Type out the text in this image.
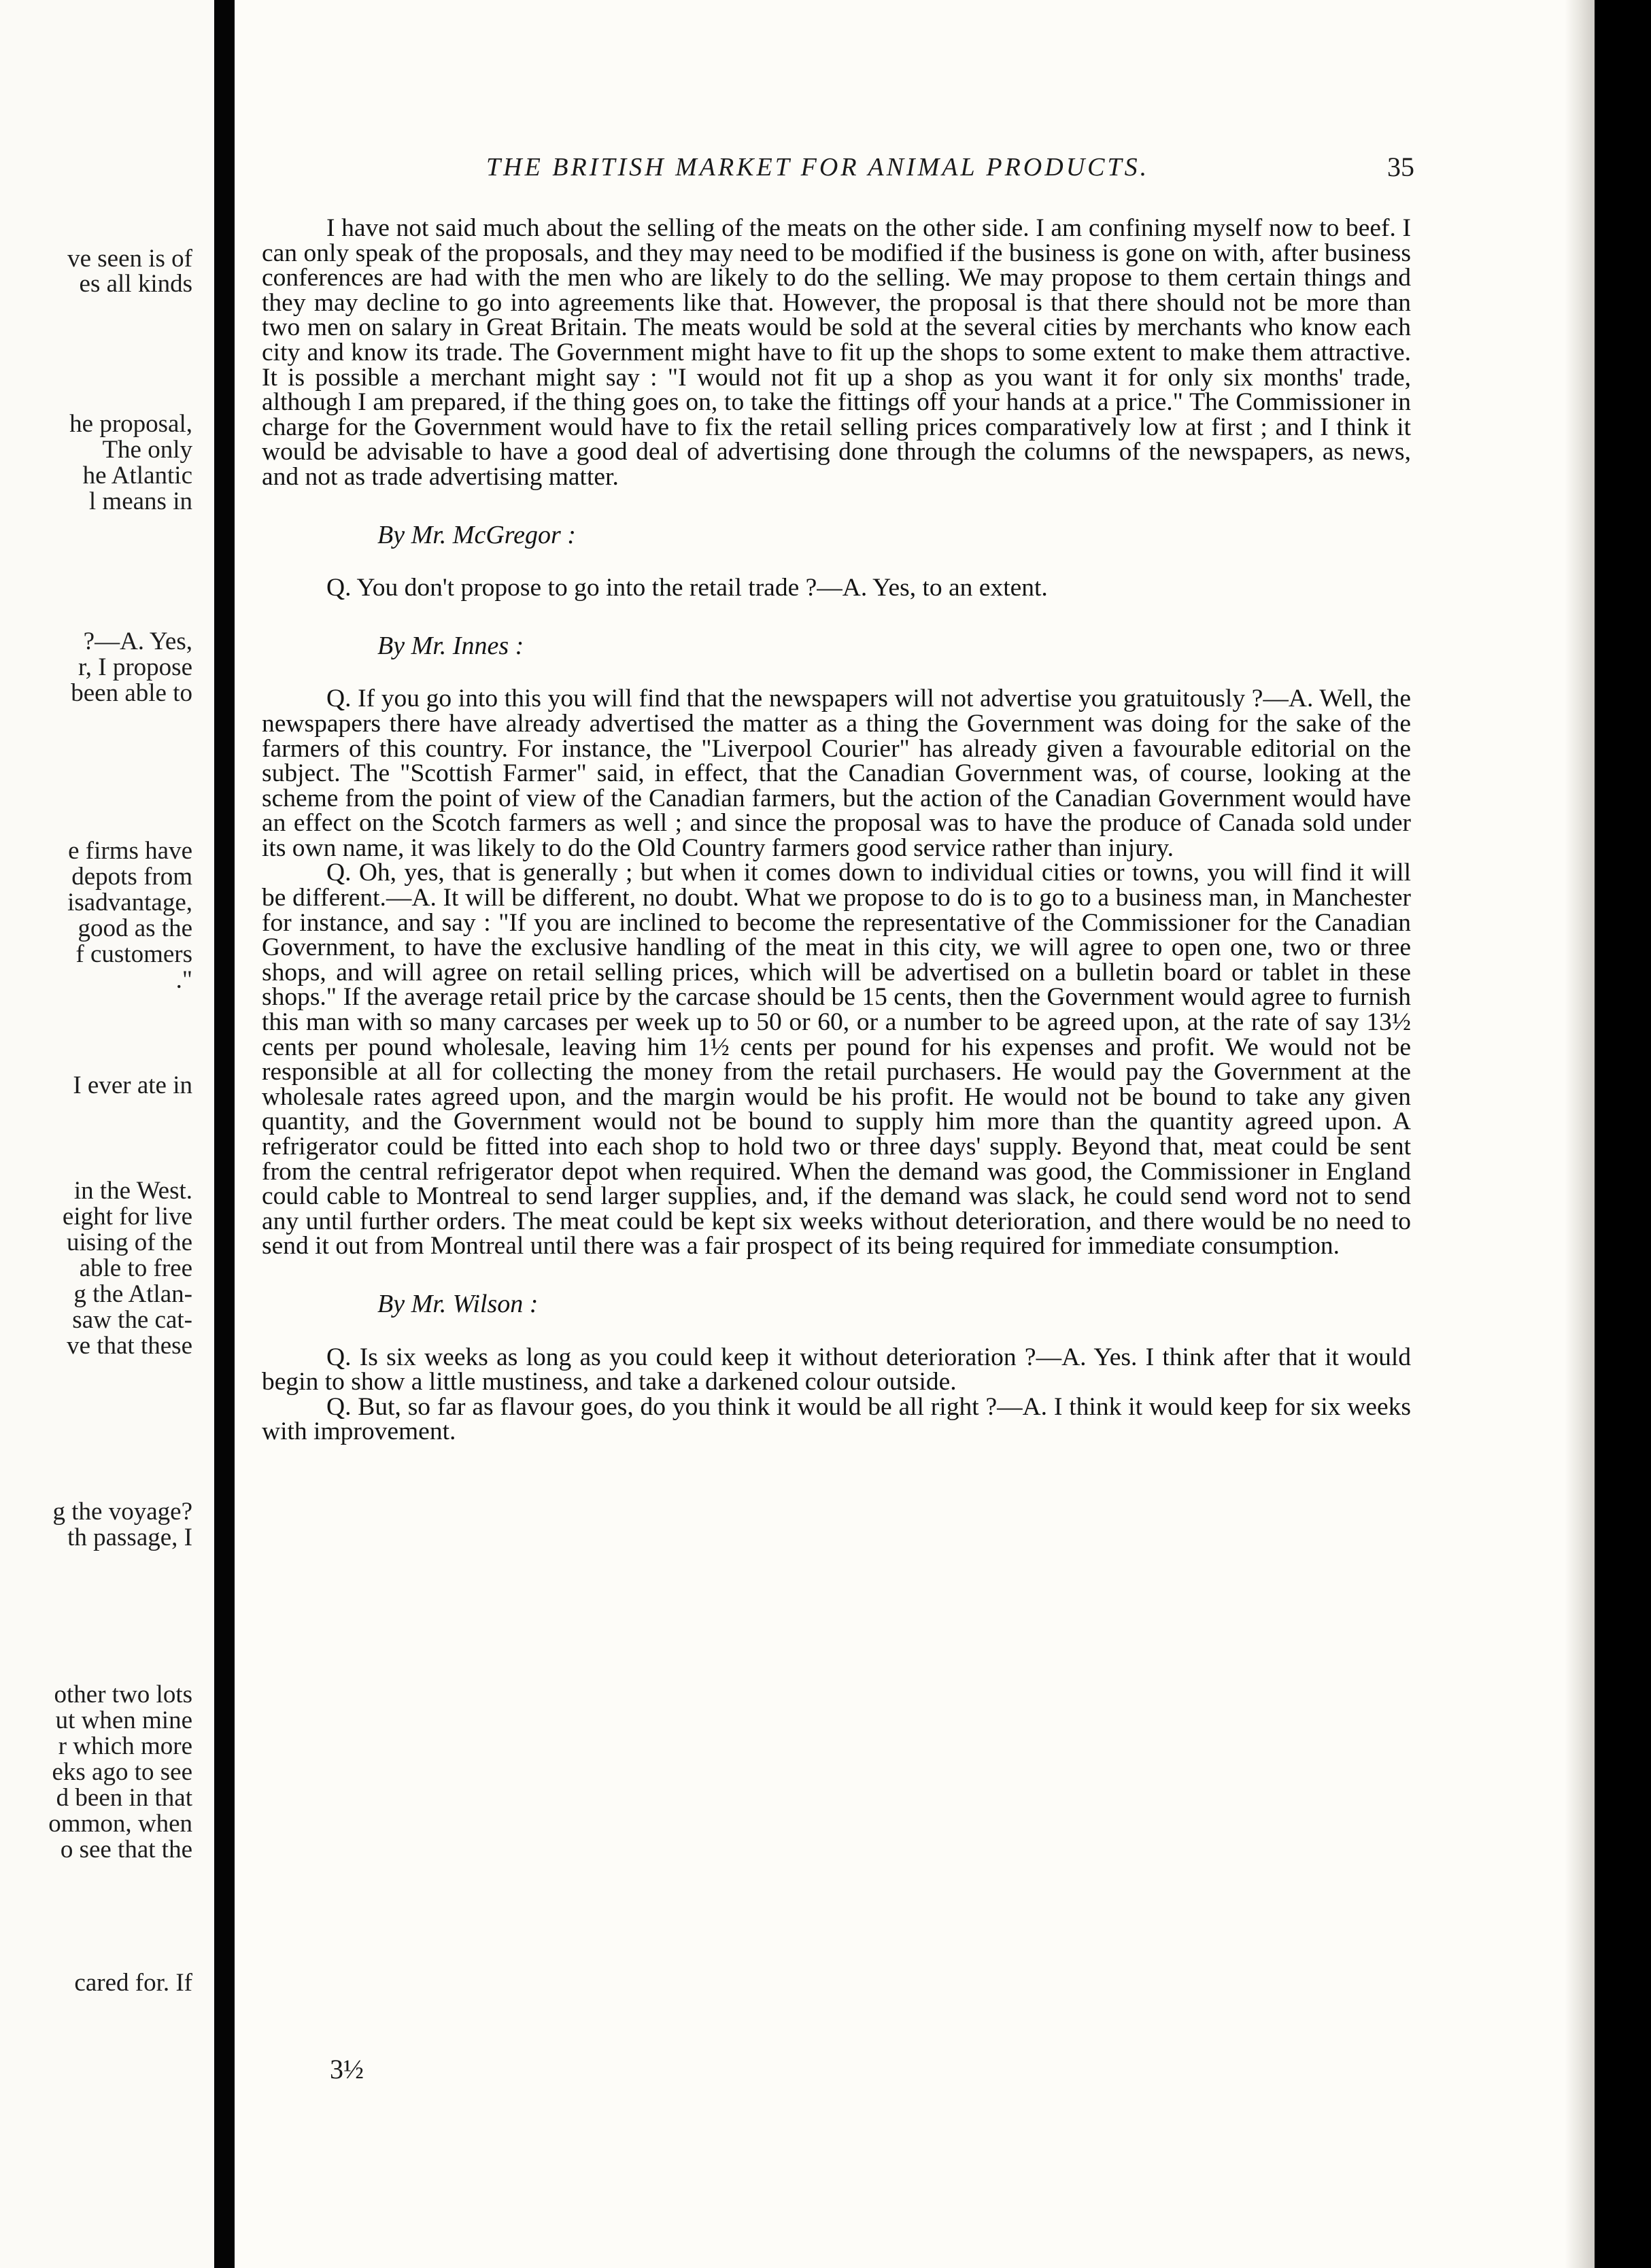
ve seen is of
es all kinds
he proposal,
The only
he Atlantic
l means in
?—A. Yes,
r, I propose
been able to
e firms have
depots from
isadvantage,
good as the
f customers
."
I ever ate in
in the West.
eight for live
uising of the
able to free
g the Atlan-
saw the cat-
ve that these
g the voyage?
th passage, I
other two lots
ut when mine
r which more
eks ago to see
d been in that
ommon, when
o see that the
cared for. If
THE BRITISH MARKET FOR ANIMAL PRODUCTS.	35

I have not said much about the selling of the meats on the other side. I am confining myself now to beef. I can only speak of the proposals, and they may need to be modified if the business is gone on with, after business conferences are had with the men who are likely to do the selling. We may propose to them certain things and they may decline to go into agreements like that. However, the proposal is that there should not be more than two men on salary in Great Britain. The meats would be sold at the several cities by merchants who know each city and know its trade. The Government might have to fit up the shops to some extent to make them attractive. It is possible a merchant might say : "I would not fit up a shop as you want it for only six months' trade, although I am prepared, if the thing goes on, to take the fittings off your hands at a price." The Commissioner in charge for the Government would have to fix the retail selling prices comparatively low at first ; and I think it would be advisable to have a good deal of advertising done through the columns of the newspapers, as news, and not as trade advertising matter.

By Mr. McGregor :

Q. You don't propose to go into the retail trade ?—A. Yes, to an extent.

By Mr. Innes :

Q. If you go into this you will find that the newspapers will not advertise you gratuitously ?—A. Well, the newspapers there have already advertised the matter as a thing the Government was doing for the sake of the farmers of this country. For instance, the "Liverpool Courier" has already given a favourable editorial on the subject. The "Scottish Farmer" said, in effect, that the Canadian Government was, of course, looking at the scheme from the point of view of the Canadian farmers, but the action of the Canadian Government would have an effect on the Scotch farmers as well ; and since the proposal was to have the produce of Canada sold under its own name, it was likely to do the Old Country farmers good service rather than injury.

Q. Oh, yes, that is generally ; but when it comes down to individual cities or towns, you will find it will be different.—A. It will be different, no doubt. What we propose to do is to go to a business man, in Manchester for instance, and say : "If you are inclined to become the representative of the Commissioner for the Canadian Government, to have the exclusive handling of the meat in this city, we will agree to open one, two or three shops, and will agree on retail selling prices, which will be advertised on a bulletin board or tablet in these shops." If the average retail price by the carcase should be 15 cents, then the Government would agree to furnish this man with so many carcases per week up to 50 or 60, or a number to be agreed upon, at the rate of say 13½ cents per pound wholesale, leaving him 1½ cents per pound for his expenses and profit. We would not be responsible at all for collecting the money from the retail purchasers. He would pay the Government at the wholesale rates agreed upon, and the margin would be his profit. He would not be bound to take any given quantity, and the Government would not be bound to supply him more than the quantity agreed upon. A refrigerator could be fitted into each shop to hold two or three days' supply. Beyond that, meat could be sent from the central refrigerator depot when required. When the demand was good, the Commissioner in England could cable to Montreal to send larger supplies, and, if the demand was slack, he could send word not to send any until further orders. The meat could be kept six weeks without deterioration, and there would be no need to send it out from Montreal until there was a fair prospect of its being required for immediate consumption.

By Mr. Wilson :

Q. Is six weeks as long as you could keep it without deterioration ?—A. Yes. I think after that it would begin to show a little mustiness, and take a darkened colour outside.

Q. But, so far as flavour goes, do you think it would be all right ?—A. I think it would keep for six weeks with improvement.

3½
